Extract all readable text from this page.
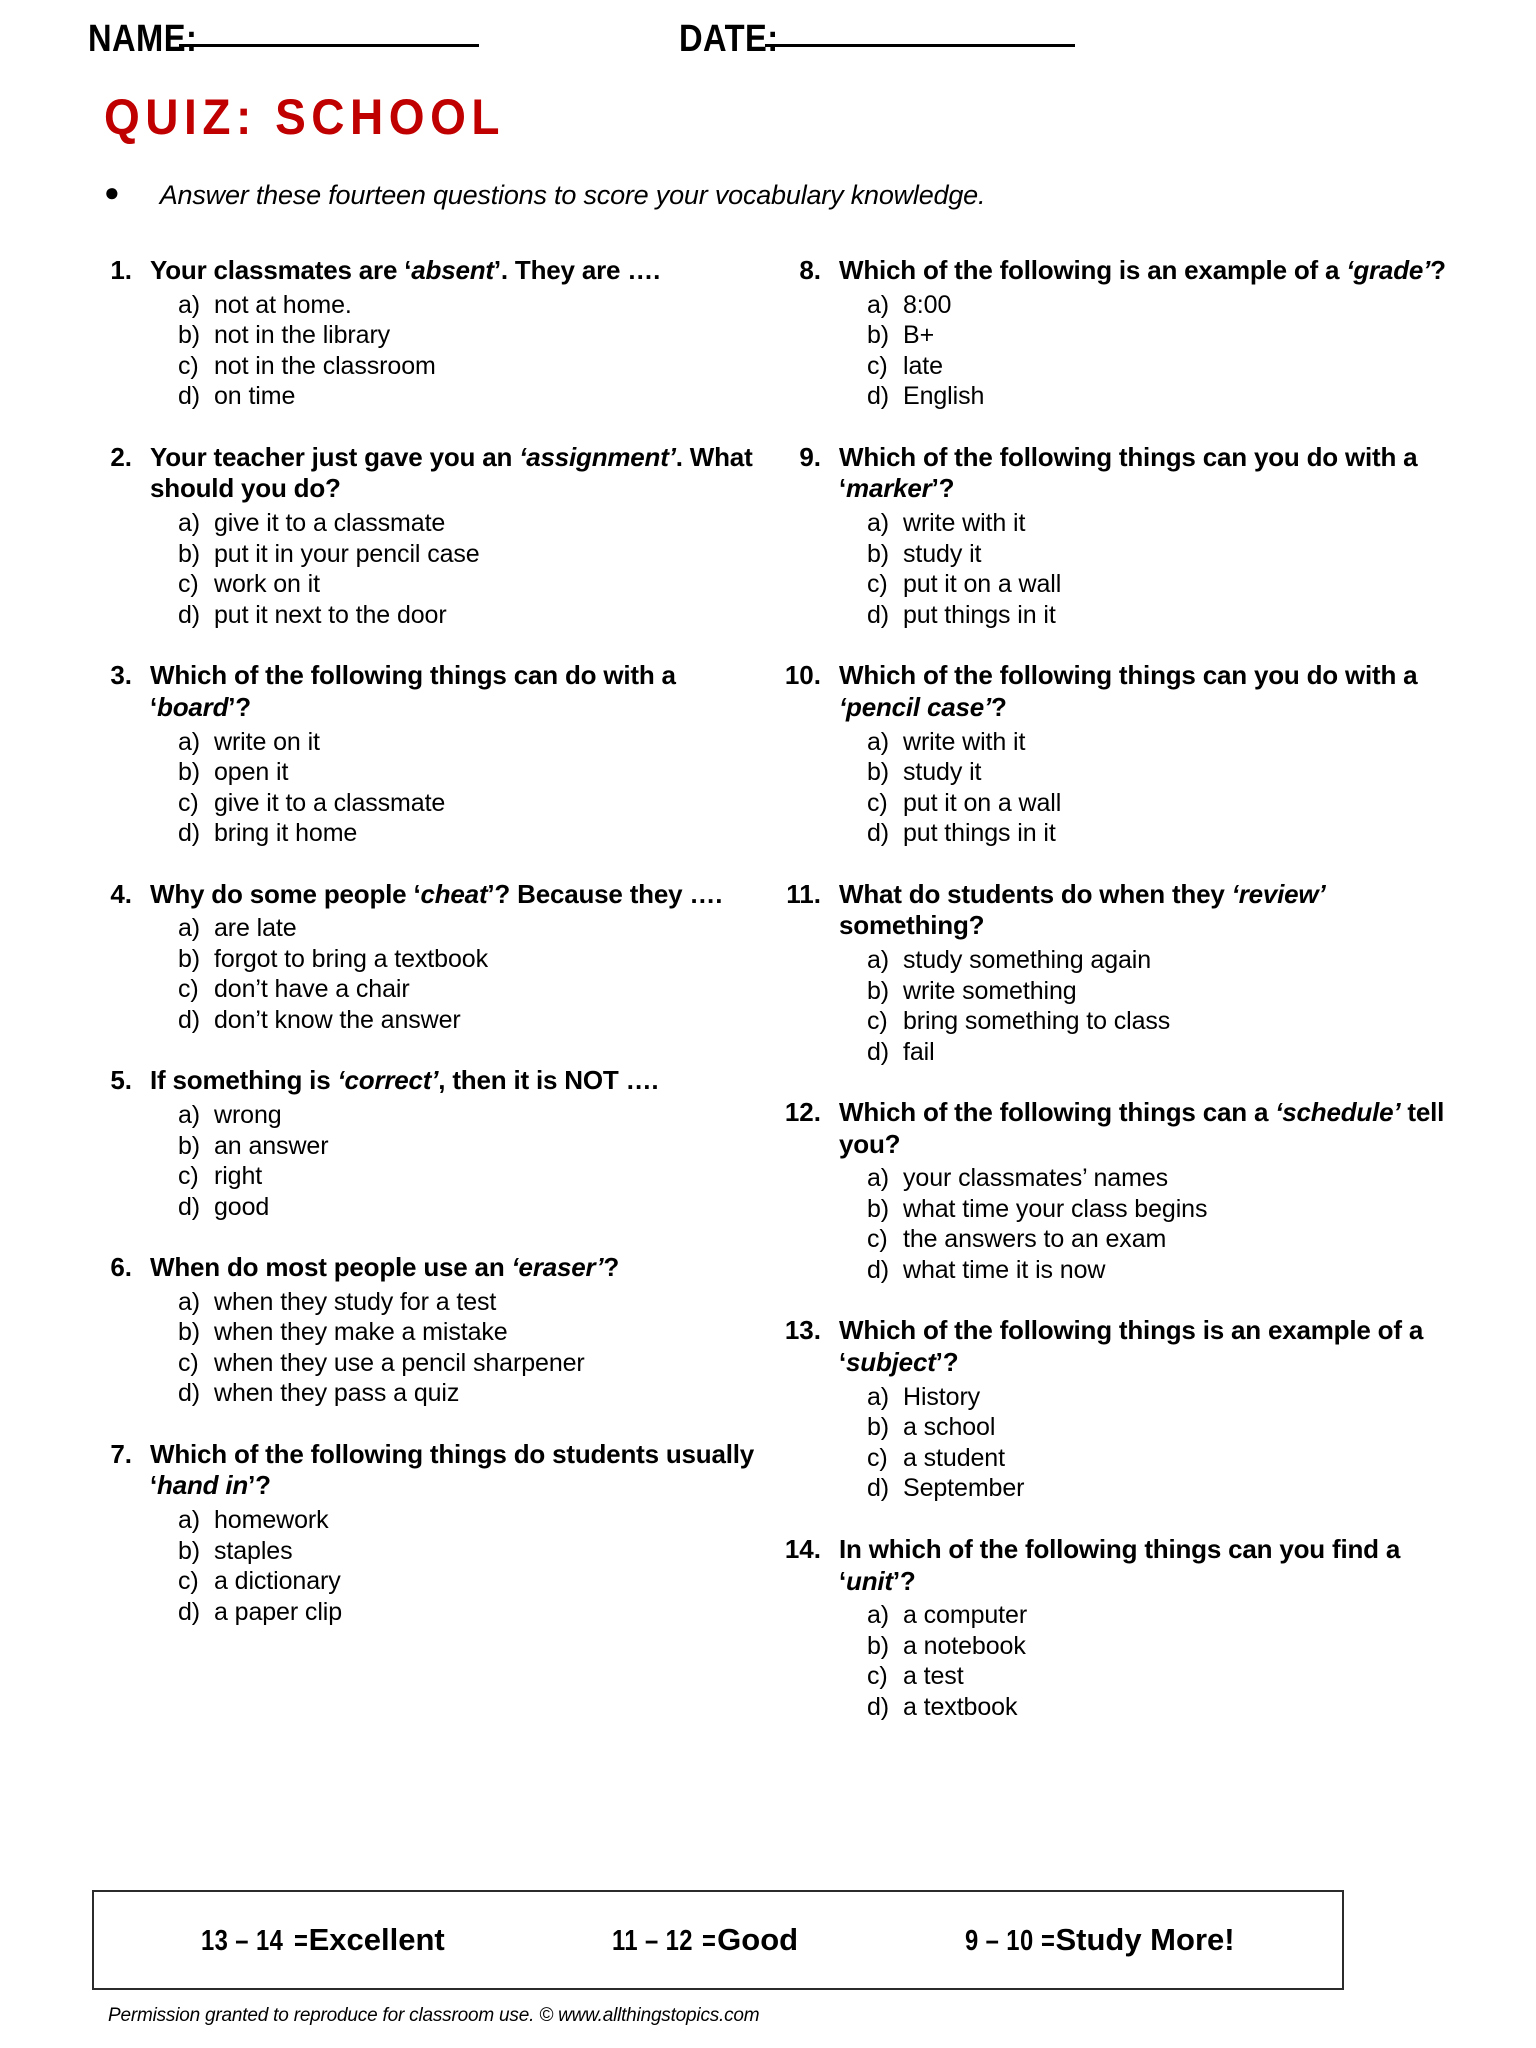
NAME:	DATE:
QUIZ: SCHOOL
● Answer these fourteen questions to score your vocabulary knowledge.
1. Your classmates are ‘absent’. They are ….
a) not at home.
b) not in the library
c) not in the classroom
d) on time
2. Your teacher just gave you an ‘assignment’. What should you do?
a) give it to a classmate
b) put it in your pencil case
c) work on it
d) put it next to the door
3. Which of the following things can do with a ‘board’?
a) write on it
b) open it
c) give it to a classmate
d) bring it home
4. Why do some people ‘cheat’? Because they ….
a) are late
b) forgot to bring a textbook
c) don’t have a chair
d) don’t know the answer
5. If something is ‘correct’, then it is NOT ….
a) wrong
b) an answer
c) right
d) good
6. When do most people use an ‘eraser’?
a) when they study for a test
b) when they make a mistake
c) when they use a pencil sharpener
d) when they pass a quiz
7. Which of the following things do students usually ‘hand in’?
a) homework
b) staples
c) a dictionary
d) a paper clip
8. Which of the following is an example of a ‘grade’?
a) 8:00
b) B+
c) late
d) English
9. Which of the following things can you do with a ‘marker’?
a) write with it
b) study it
c) put it on a wall
d) put things in it
10. Which of the following things can you do with a ‘pencil case’?
a) write with it
b) study it
c) put it on a wall
d) put things in it
11. What do students do when they ‘review’ something?
a) study something again
b) write something
c) bring something to class
d) fail
12. Which of the following things can a ‘schedule’ tell you?
a) your classmates’ names
b) what time your class begins
c) the answers to an exam
d) what time it is now
13. Which of the following things is an example of a ‘subject’?
a) History
b) a school
c) a student
d) September
14. In which of the following things can you find a ‘unit’?
a) a computer
b) a notebook
c) a test
d) a textbook
13 – 14 = Excellent	11 – 12 = Good	9 – 10 = Study More!
Permission granted to reproduce for classroom use. © www.allthingstopics.com
